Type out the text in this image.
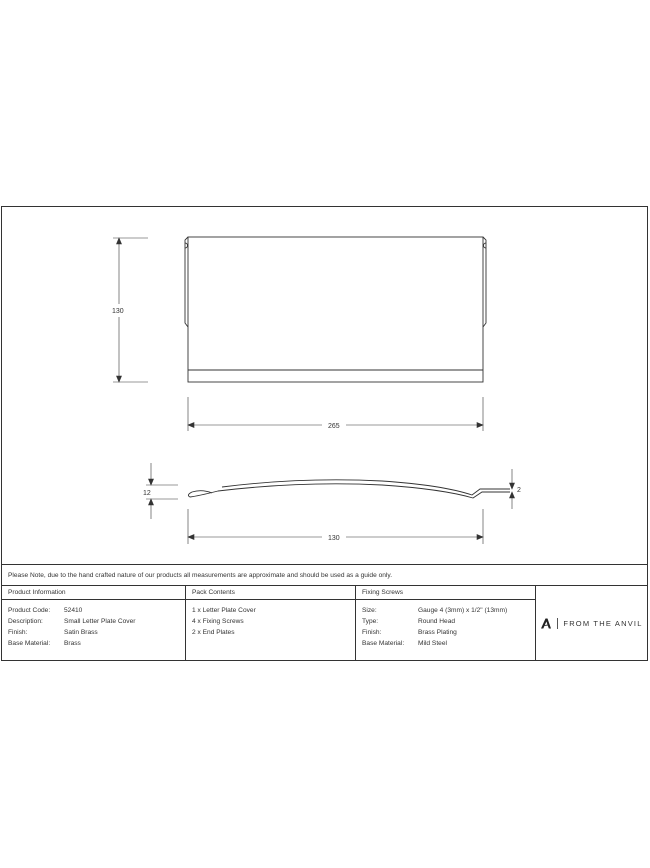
130
265
12	2
130
Please Note, due to the hand crafted nature of our products all measurements are approximate and should be used as a guide only.
Product Information
Product Code:	52410
Description:	Small Letter Plate Cover
Finish:	Satin Brass
Base Material:	Brass
Pack Contents
1 x Letter Plate Cover
4 x Fixing Screws
2 x End Plates
Fixing Screws
Size:	Gauge 4 (3mm) x 1/2" (13mm)
Type:	Round Head
Finish:	Brass Plating
Base Material:	Mild Steel
FROM THE ANVIL
